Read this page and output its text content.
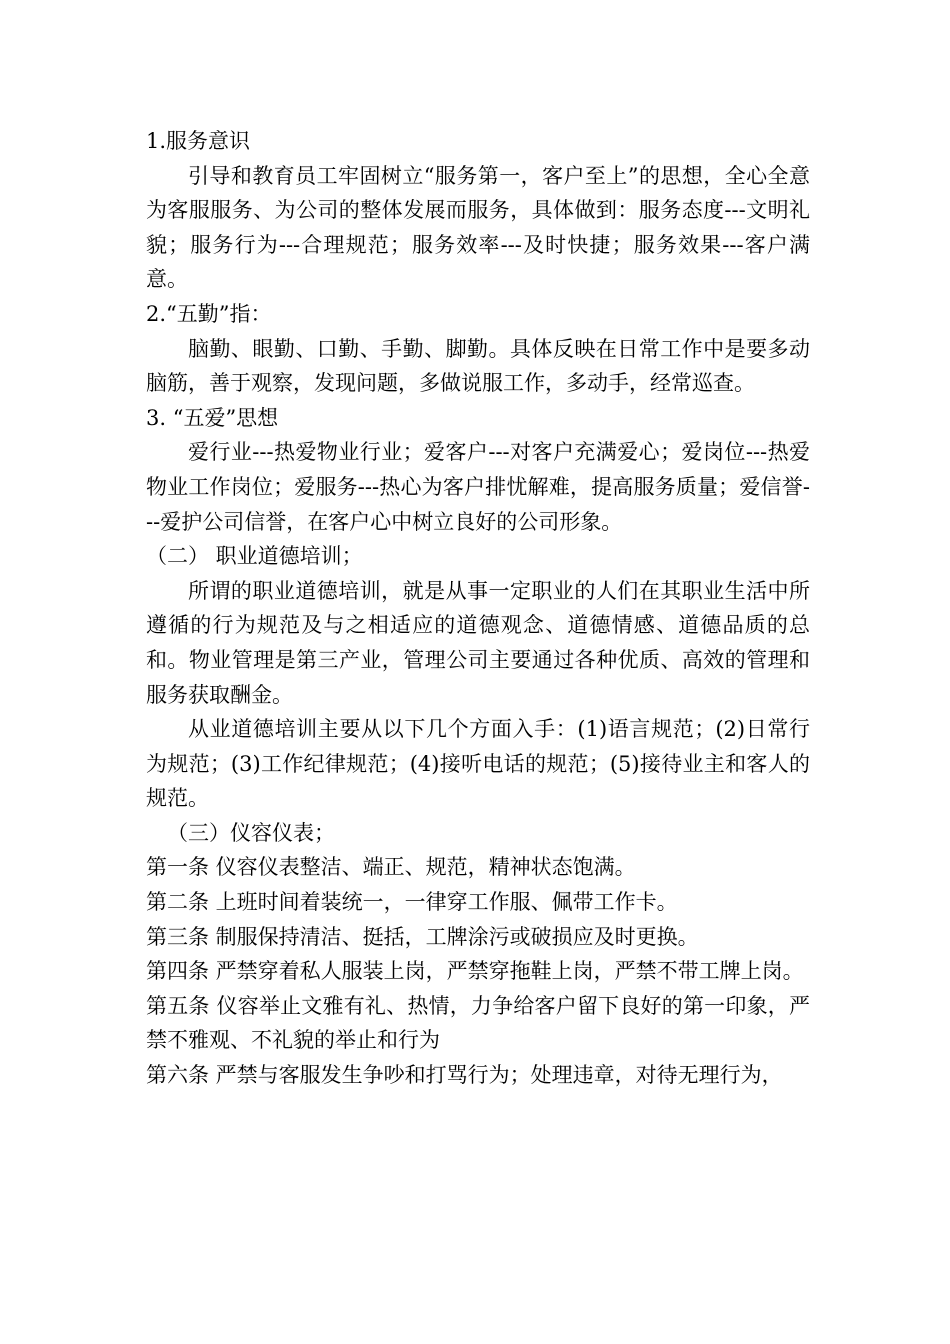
1.服务意识

引导和教育员工牢固树立“服务第一，客户至上”的思想，全心全意为客服服务、为公司的整体发展而服务，具体做到：服务态度---文明礼貌；服务行为---合理规范；服务效率---及时快捷；服务效果---客户满意。

2.“五勤”指：

脑勤、眼勤、口勤、手勤、脚勤。具体反映在日常工作中是要多动脑筋，善于观察，发现问题，多做说服工作，多动手，经常巡查。

3. “五爱”思想

爱行业---热爱物业行业；爱客户---对客户充满爱心；爱岗位---热爱物业工作岗位；爱服务---热心为客户排忧解难，提高服务质量；爱信誉---爱护公司信誉，在客户心中树立良好的公司形象。

（二） 职业道德培训；

所谓的职业道德培训，就是从事一定职业的人们在其职业生活中所遵循的行为规范及与之相适应的道德观念、道德情感、道德品质的总和。物业管理是第三产业，管理公司主要通过各种优质、高效的管理和服务获取酬金。

从业道德培训主要从以下几个方面入手：(1)语言规范；(2)日常行为规范；(3)工作纪律规范；(4)接听电话的规范；(5)接待业主和客人的规范。

（三）仪容仪表；

第一条 仪容仪表整洁、端正、规范，精神状态饱满。

第二条 上班时间着装统一，一律穿工作服、佩带工作卡。

第三条 制服保持清洁、挺括，工牌涂污或破损应及时更换。

第四条 严禁穿着私人服装上岗，严禁穿拖鞋上岗，严禁不带工牌上岗。

第五条 仪容举止文雅有礼、热情，力争给客户留下良好的第一印象，严禁不雅观、不礼貌的举止和行为

第六条 严禁与客服发生争吵和打骂行为；处理违章，对待无理行为，
